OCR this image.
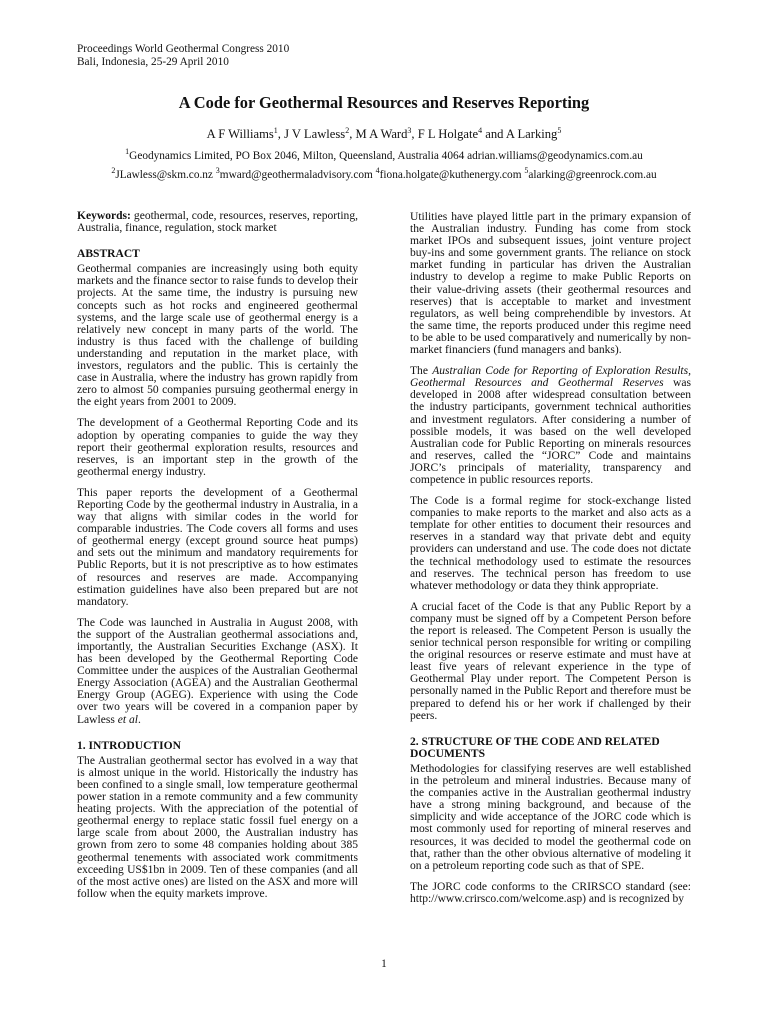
Proceedings World Geothermal Congress 2010
Bali, Indonesia, 25-29 April 2010
A Code for Geothermal Resources and Reserves Reporting
A F Williams$^1$, J V Lawless$^2$, M A Ward$^3$, F L Holgate$^4$ and A Larking$^5$
$^1$Geodynamics Limited, PO Box 2046, Milton, Queensland, Australia 4064 adrian.williams@geodynamics.com.au
$^2$JLawless@skm.co.nz $^3$mward@geothermaladvisory.com $^4$fiona.holgate@kuthenergy.com $^5$alarking@greenrock.com.au

Keywords: geothermal, code, resources, reserves, reporting, Australia, finance, regulation, stock market

ABSTRACT

Geothermal companies are increasingly using both equity markets and the finance sector to raise funds to develop their projects. At the same time, the industry is pursuing new concepts such as hot rocks and engineered geothermal systems, and the large scale use of geothermal energy is a relatively new concept in many parts of the world. The industry is thus faced with the challenge of building understanding and reputation in the market place, with investors, regulators and the public. This is certainly the case in Australia, where the industry has grown rapidly from zero to almost 50 companies pursuing geothermal energy in the eight years from 2001 to 2009.

The development of a Geothermal Reporting Code and its adoption by operating companies to guide the way they report their geothermal exploration results, resources and reserves, is an important step in the growth of the geothermal energy industry.

This paper reports the development of a Geothermal Reporting Code by the geothermal industry in Australia, in a way that aligns with similar codes in the world for comparable industries. The Code covers all forms and uses of geothermal energy (except ground source heat pumps) and sets out the minimum and mandatory requirements for Public Reports, but it is not prescriptive as to how estimates of resources and reserves are made. Accompanying estimation guidelines have also been prepared but are not mandatory.

The Code was launched in Australia in August 2008, with the support of the Australian geothermal associations and, importantly, the Australian Securities Exchange (ASX). It has been developed by the Geothermal Reporting Code Committee under the auspices of the Australian Geothermal Energy Association (AGEA) and the Australian Geothermal Energy Group (AGEG). Experience with using the Code over two years will be covered in a companion paper by Lawless et al.

1. INTRODUCTION

The Australian geothermal sector has evolved in a way that is almost unique in the world. Historically the industry has been confined to a single small, low temperature geothermal power station in a remote community and a few community heating projects. With the appreciation of the potential of geothermal energy to replace static fossil fuel energy on a large scale from about 2000, the Australian industry has grown from zero to some 48 companies holding about 385 geothermal tenements with associated work commitments exceeding US$1bn in 2009. Ten of these companies (and all of the most active ones) are listed on the ASX and more will follow when the equity markets improve.

Utilities have played little part in the primary expansion of the Australian industry. Funding has come from stock market IPOs and subsequent issues, joint venture project buy-ins and some government grants. The reliance on stock market funding in particular has driven the Australian industry to develop a regime to make Public Reports on their value-driving assets (their geothermal resources and reserves) that is acceptable to market and investment regulators, as well being comprehendible by investors. At the same time, the reports produced under this regime need to be able to be used comparatively and numerically by non-market financiers (fund managers and banks).

The Australian Code for Reporting of Exploration Results, Geothermal Resources and Geothermal Reserves was developed in 2008 after widespread consultation between the industry participants, government technical authorities and investment regulators. After considering a number of possible models, it was based on the well developed Australian code for Public Reporting on minerals resources and reserves, called the “JORC” Code and maintains JORC’s principals of materiality, transparency and competence in public resources reports.

The Code is a formal regime for stock-exchange listed companies to make reports to the market and also acts as a template for other entities to document their resources and reserves in a standard way that private debt and equity providers can understand and use. The code does not dictate the technical methodology used to estimate the resources and reserves. The technical person has freedom to use whatever methodology or data they think appropriate.

A crucial facet of the Code is that any Public Report by a company must be signed off by a Competent Person before the report is released. The Competent Person is usually the senior technical person responsible for writing or compiling the original resources or reserve estimate and must have at least five years of relevant experience in the type of Geothermal Play under report. The Competent Person is personally named in the Public Report and therefore must be prepared to defend his or her work if challenged by their peers.

2. STRUCTURE OF THE CODE AND RELATED DOCUMENTS

Methodologies for classifying reserves are well established in the petroleum and mineral industries. Because many of the companies active in the Australian geothermal industry have a strong mining background, and because of the simplicity and wide acceptance of the JORC code which is most commonly used for reporting of mineral reserves and resources, it was decided to model the geothermal code on that, rather than the other obvious alternative of modeling it on a petroleum reporting code such as that of SPE.

The JORC code conforms to the CRIRSCO standard (see: http://www.crirsco.com/welcome.asp) and is recognized by

1
